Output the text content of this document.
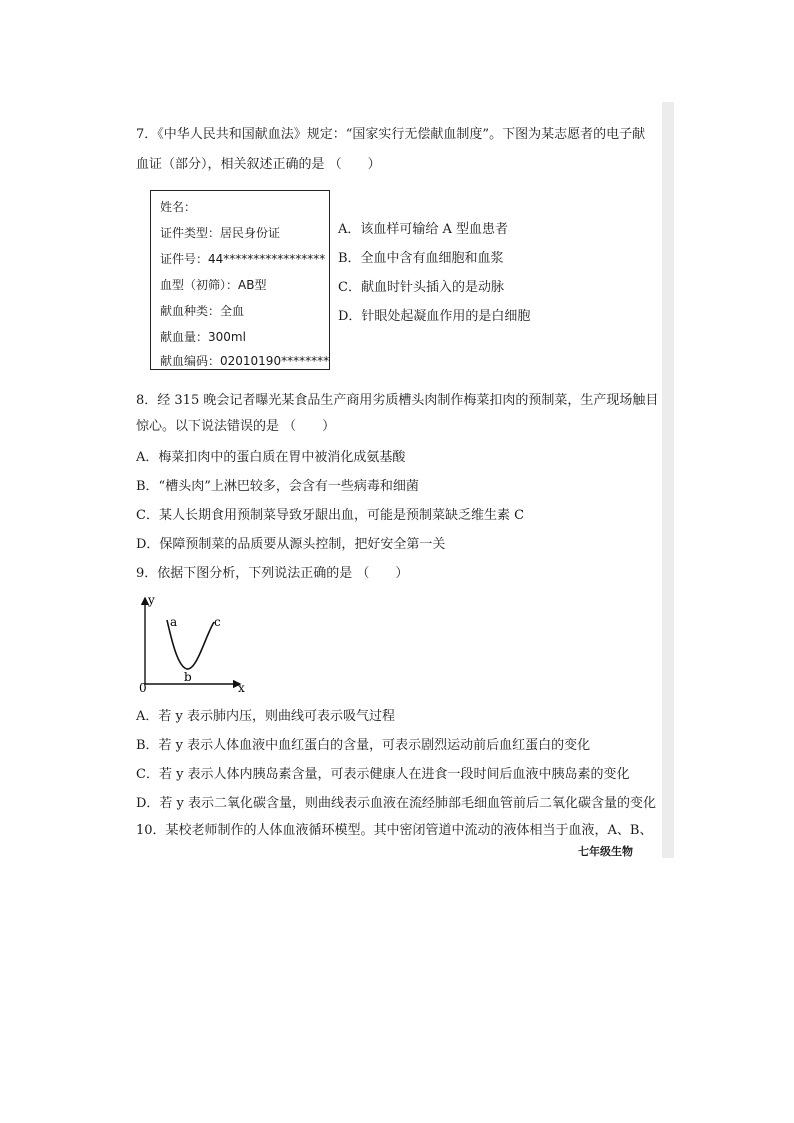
7．《中华人民共和国献血法》规定：“国家实行无偿献血制度”。下图为某志愿者的电子献
血证（部分），相关叙述正确的是 （　　）
姓名：
证件类型：居民身份证
证件号：44*****************
血型（初筛）：AB型
献血种类：全血
献血量：300ml
献血编码：02010190********
A．该血样可输给 A 型血患者
B．全血中含有血细胞和血浆
C．献血时针头插入的是动脉
D．针眼处起凝血作用的是白细胞
8．经 315 晚会记者曝光某食品生产商用劣质槽头肉制作梅菜扣肉的预制菜，生产现场触目
惊心。以下说法错误的是 （　　）
A．梅菜扣肉中的蛋白质在胃中被消化成氨基酸
B．“槽头肉”上淋巴较多，会含有一些病毒和细菌
C．某人长期食用预制菜导致牙龈出血，可能是预制菜缺乏维生素 C
D．保障预制菜的品质要从源头控制，把好安全第一关
9．依据下图分析，下列说法正确的是 （　　）
y
x
0
a
b
c
A．若 y 表示肺内压，则曲线可表示吸气过程
B．若 y 表示人体血液中血红蛋白的含量，可表示剧烈运动前后血红蛋白的变化
C．若 y 表示人体内胰岛素含量，可表示健康人在进食一段时间后血液中胰岛素的变化
D．若 y 表示二氧化碳含量，则曲线表示血液在流经肺部毛细血管前后二氧化碳含量的变化
10．某校老师制作的人体血液循环模型。其中密闭管道中流动的液体相当于血液，A、B、
七年级生物
